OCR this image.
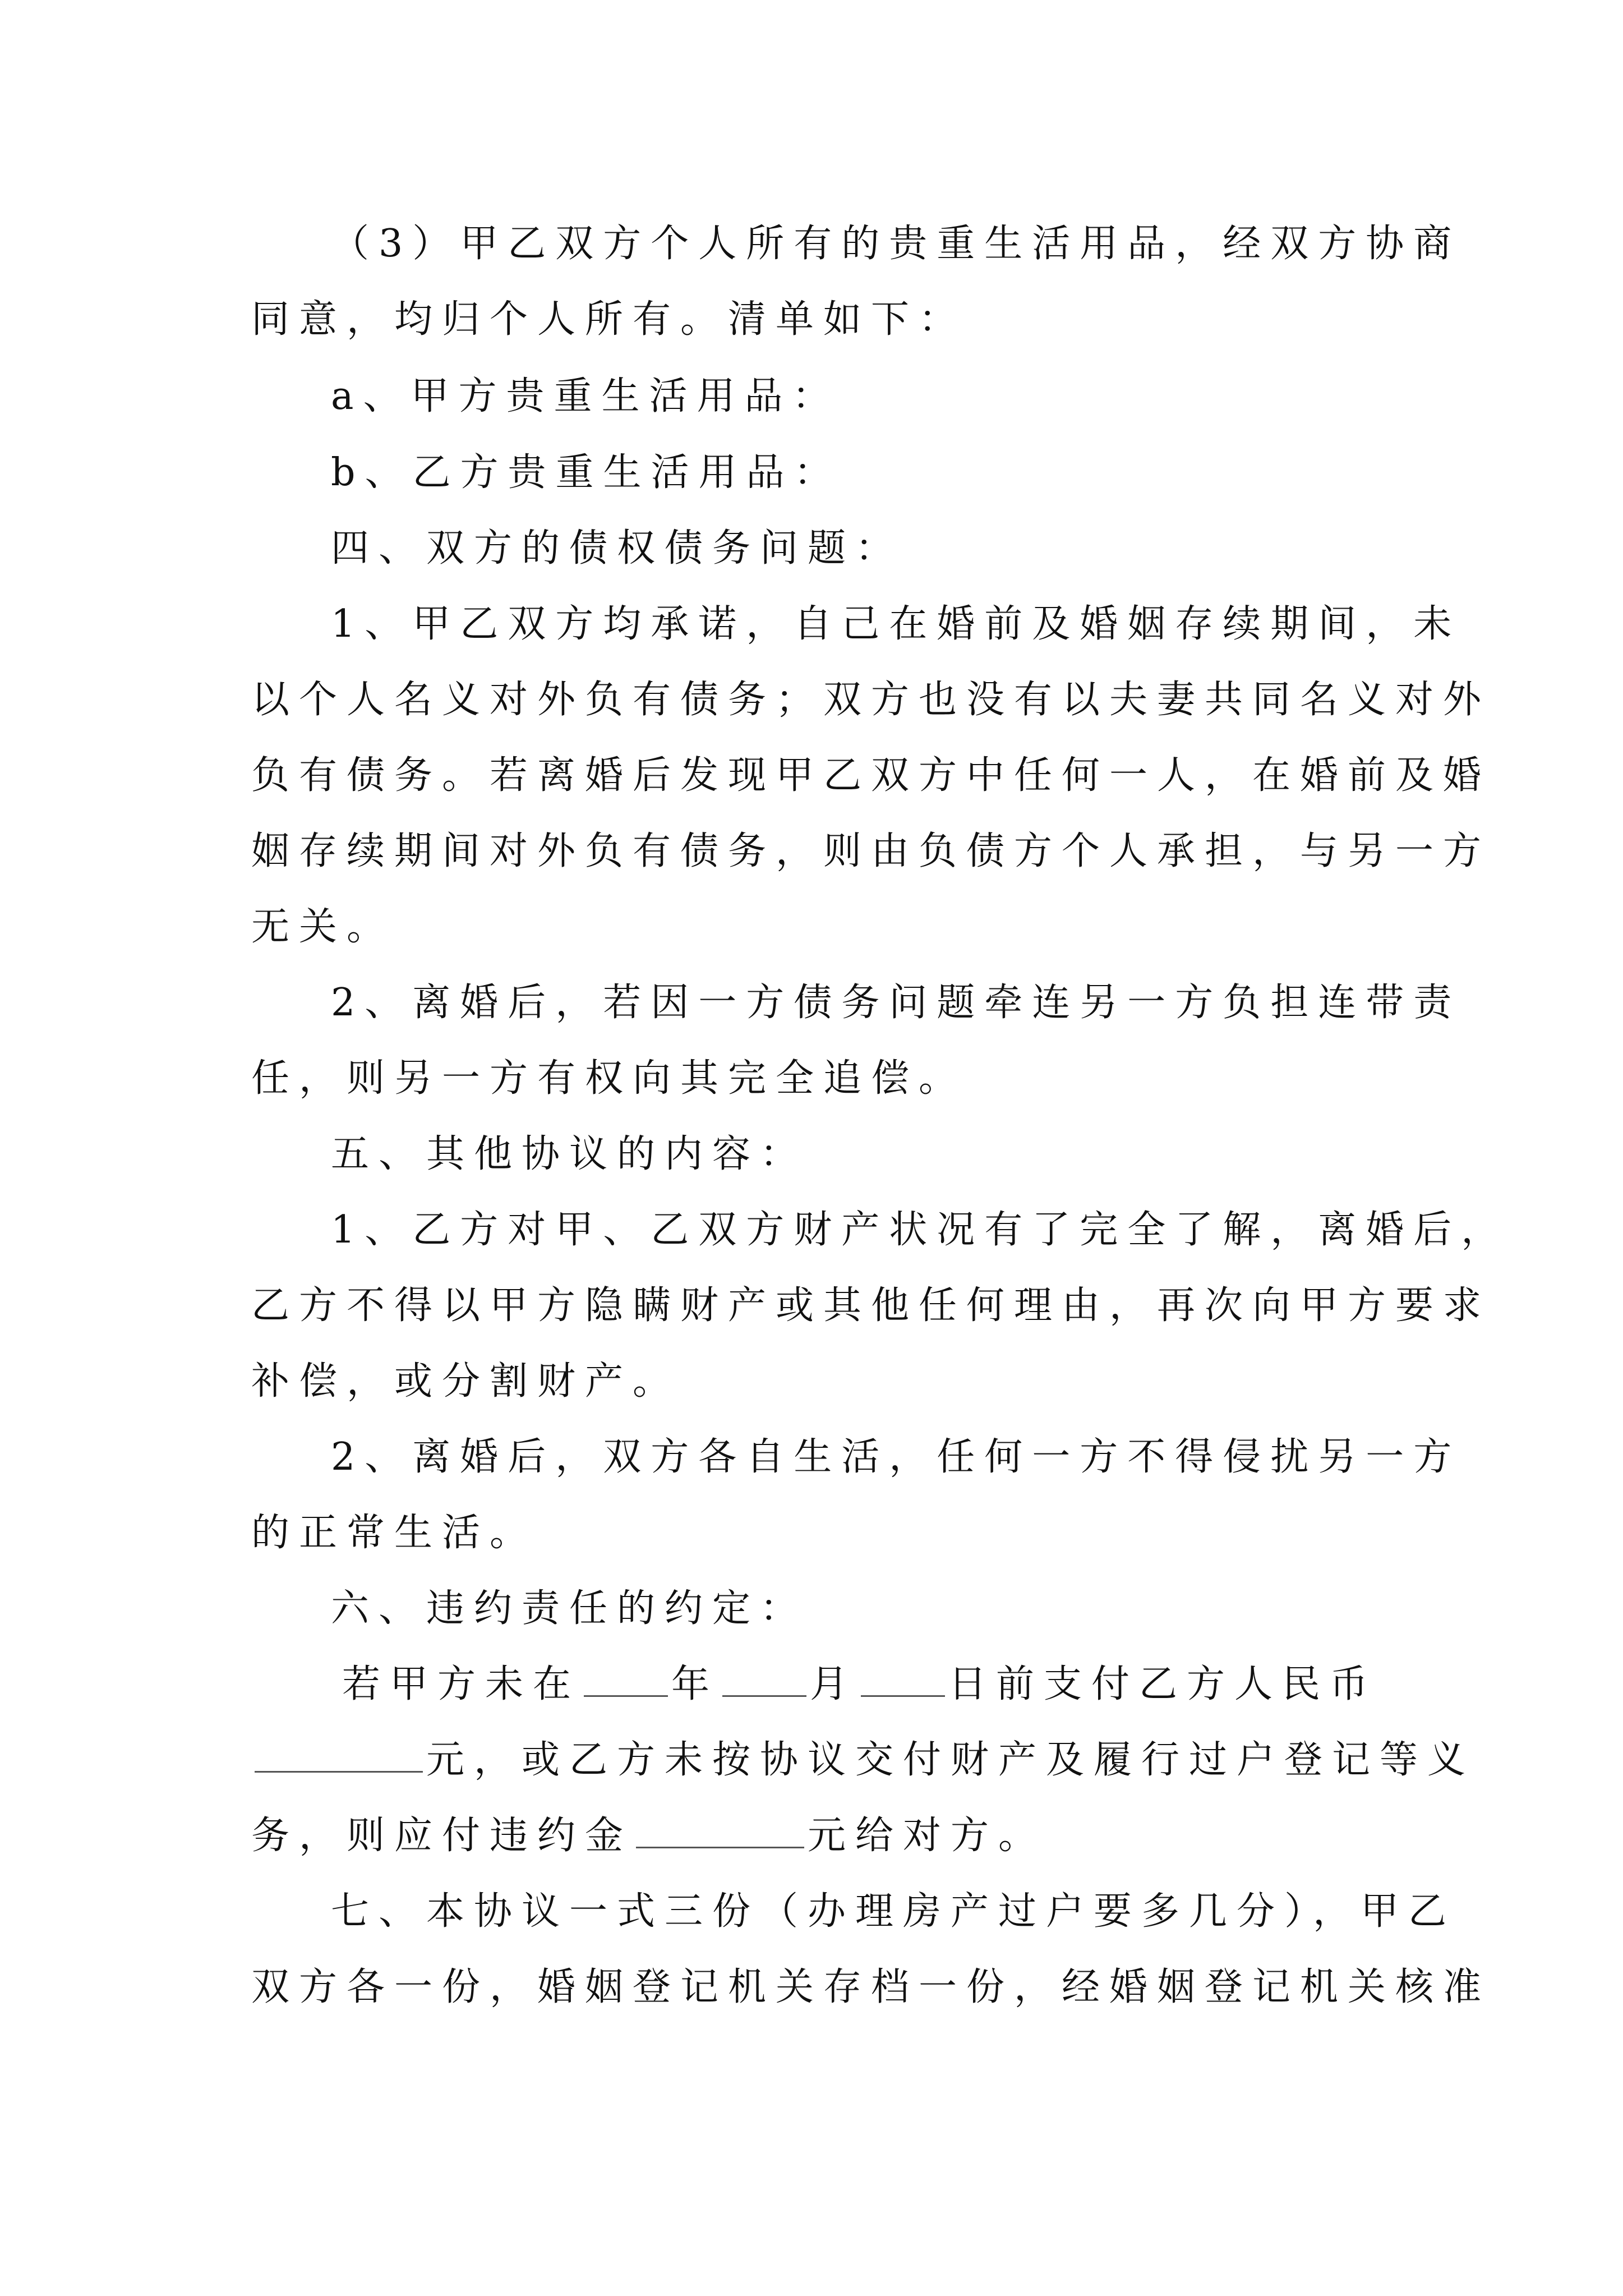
（3）甲乙双方个人所有的贵重生活用品，经双方协商
同意，均归个人所有。清单如下：
a、甲方贵重生活用品：
b、乙方贵重生活用品：
四、双方的债权债务问题：
1、甲乙双方均承诺，自己在婚前及婚姻存续期间，未
以个人名义对外负有债务；双方也没有以夫妻共同名义对外
负有债务。若离婚后发现甲乙双方中任何一人，在婚前及婚
姻存续期间对外负有债务，则由负债方个人承担，与另一方
无关。
2、离婚后，若因一方债务问题牵连另一方负担连带责
任，则另一方有权向其完全追偿。
五、其他协议的内容：
1、乙方对甲、乙双方财产状况有了完全了解，离婚后，
乙方不得以甲方隐瞒财产或其他任何理由，再次向甲方要求
补偿，或分割财产。
2、离婚后，双方各自生活，任何一方不得侵扰另一方
的正常生活。
六、违约责任的约定：
若甲方未在 年 月 日前支付乙方人民币
元，或乙方未按协议交付财产及履行过户登记等义
务，则应付违约金	元给对方。
七、本协议一式三份（办理房产过户要多几分），甲乙
双方各一份，婚姻登记机关存档一份，经婚姻登记机关核准
